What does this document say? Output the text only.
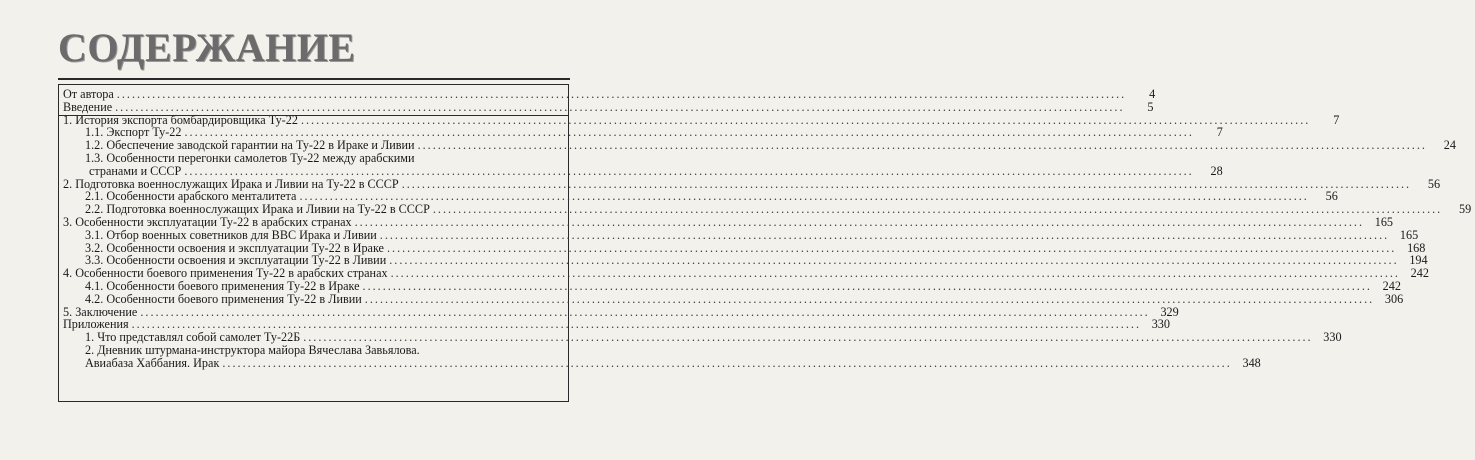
СОДЕРЖАНИЕ
От автора ........................................................................................................................................................................................................	4
Введение ........................................................................................................................................................................................................	5
1. История экспорта бомбардировщика Ту-22 ........................................................................................................................................................................................................	7
1.1. Экспорт Ту-22 ........................................................................................................................................................................................................	7
1.2. Обеспечение заводской гарантии на Ту-22 в Ираке и Ливии ........................................................................................................................................................................................................	24
1.3. Особенности перегонки самолетов Ту-22 между арабскими
странами и СССР ........................................................................................................................................................................................................	28
2. Подготовка военнослужащих Ирака и Ливии на Ту-22 в СССР ........................................................................................................................................................................................................	56
2.1. Особенности арабского менталитета ........................................................................................................................................................................................................	56
2.2. Подготовка военнослужащих Ирака и Ливии на Ту-22 в СССР ........................................................................................................................................................................................................	59
3. Особенности эксплуатации Ту-22 в арабских странах ........................................................................................................................................................................................................ 165
3.1. Отбор военных советников для ВВС Ирака и Ливии ........................................................................................................................................................................................................ 165
3.2. Особенности освоения и эксплуатации Ту-22 в Ираке ........................................................................................................................................................................................................ 168
3.3. Особенности освоения и эксплуатации Ту-22 в Ливии ........................................................................................................................................................................................................ 194
4. Особенности боевого применения Ту-22 в арабских странах ........................................................................................................................................................................................................ 242
4.1. Особенности боевого применения Ту-22 в Ираке ........................................................................................................................................................................................................ 242
4.2. Особенности боевого применения Ту-22 в Ливии ........................................................................................................................................................................................................ 306
5. Заключение ........................................................................................................................................................................................................ 329
Приложения ........................................................................................................................................................................................................ 330
1. Что представлял собой самолет Ту-22Б ........................................................................................................................................................................................................ 330
2. Дневник штурмана-инструктора майора Вячеслава Завьялова.
Авиабаза Хаббания. Ирак ........................................................................................................................................................................................................ 348
